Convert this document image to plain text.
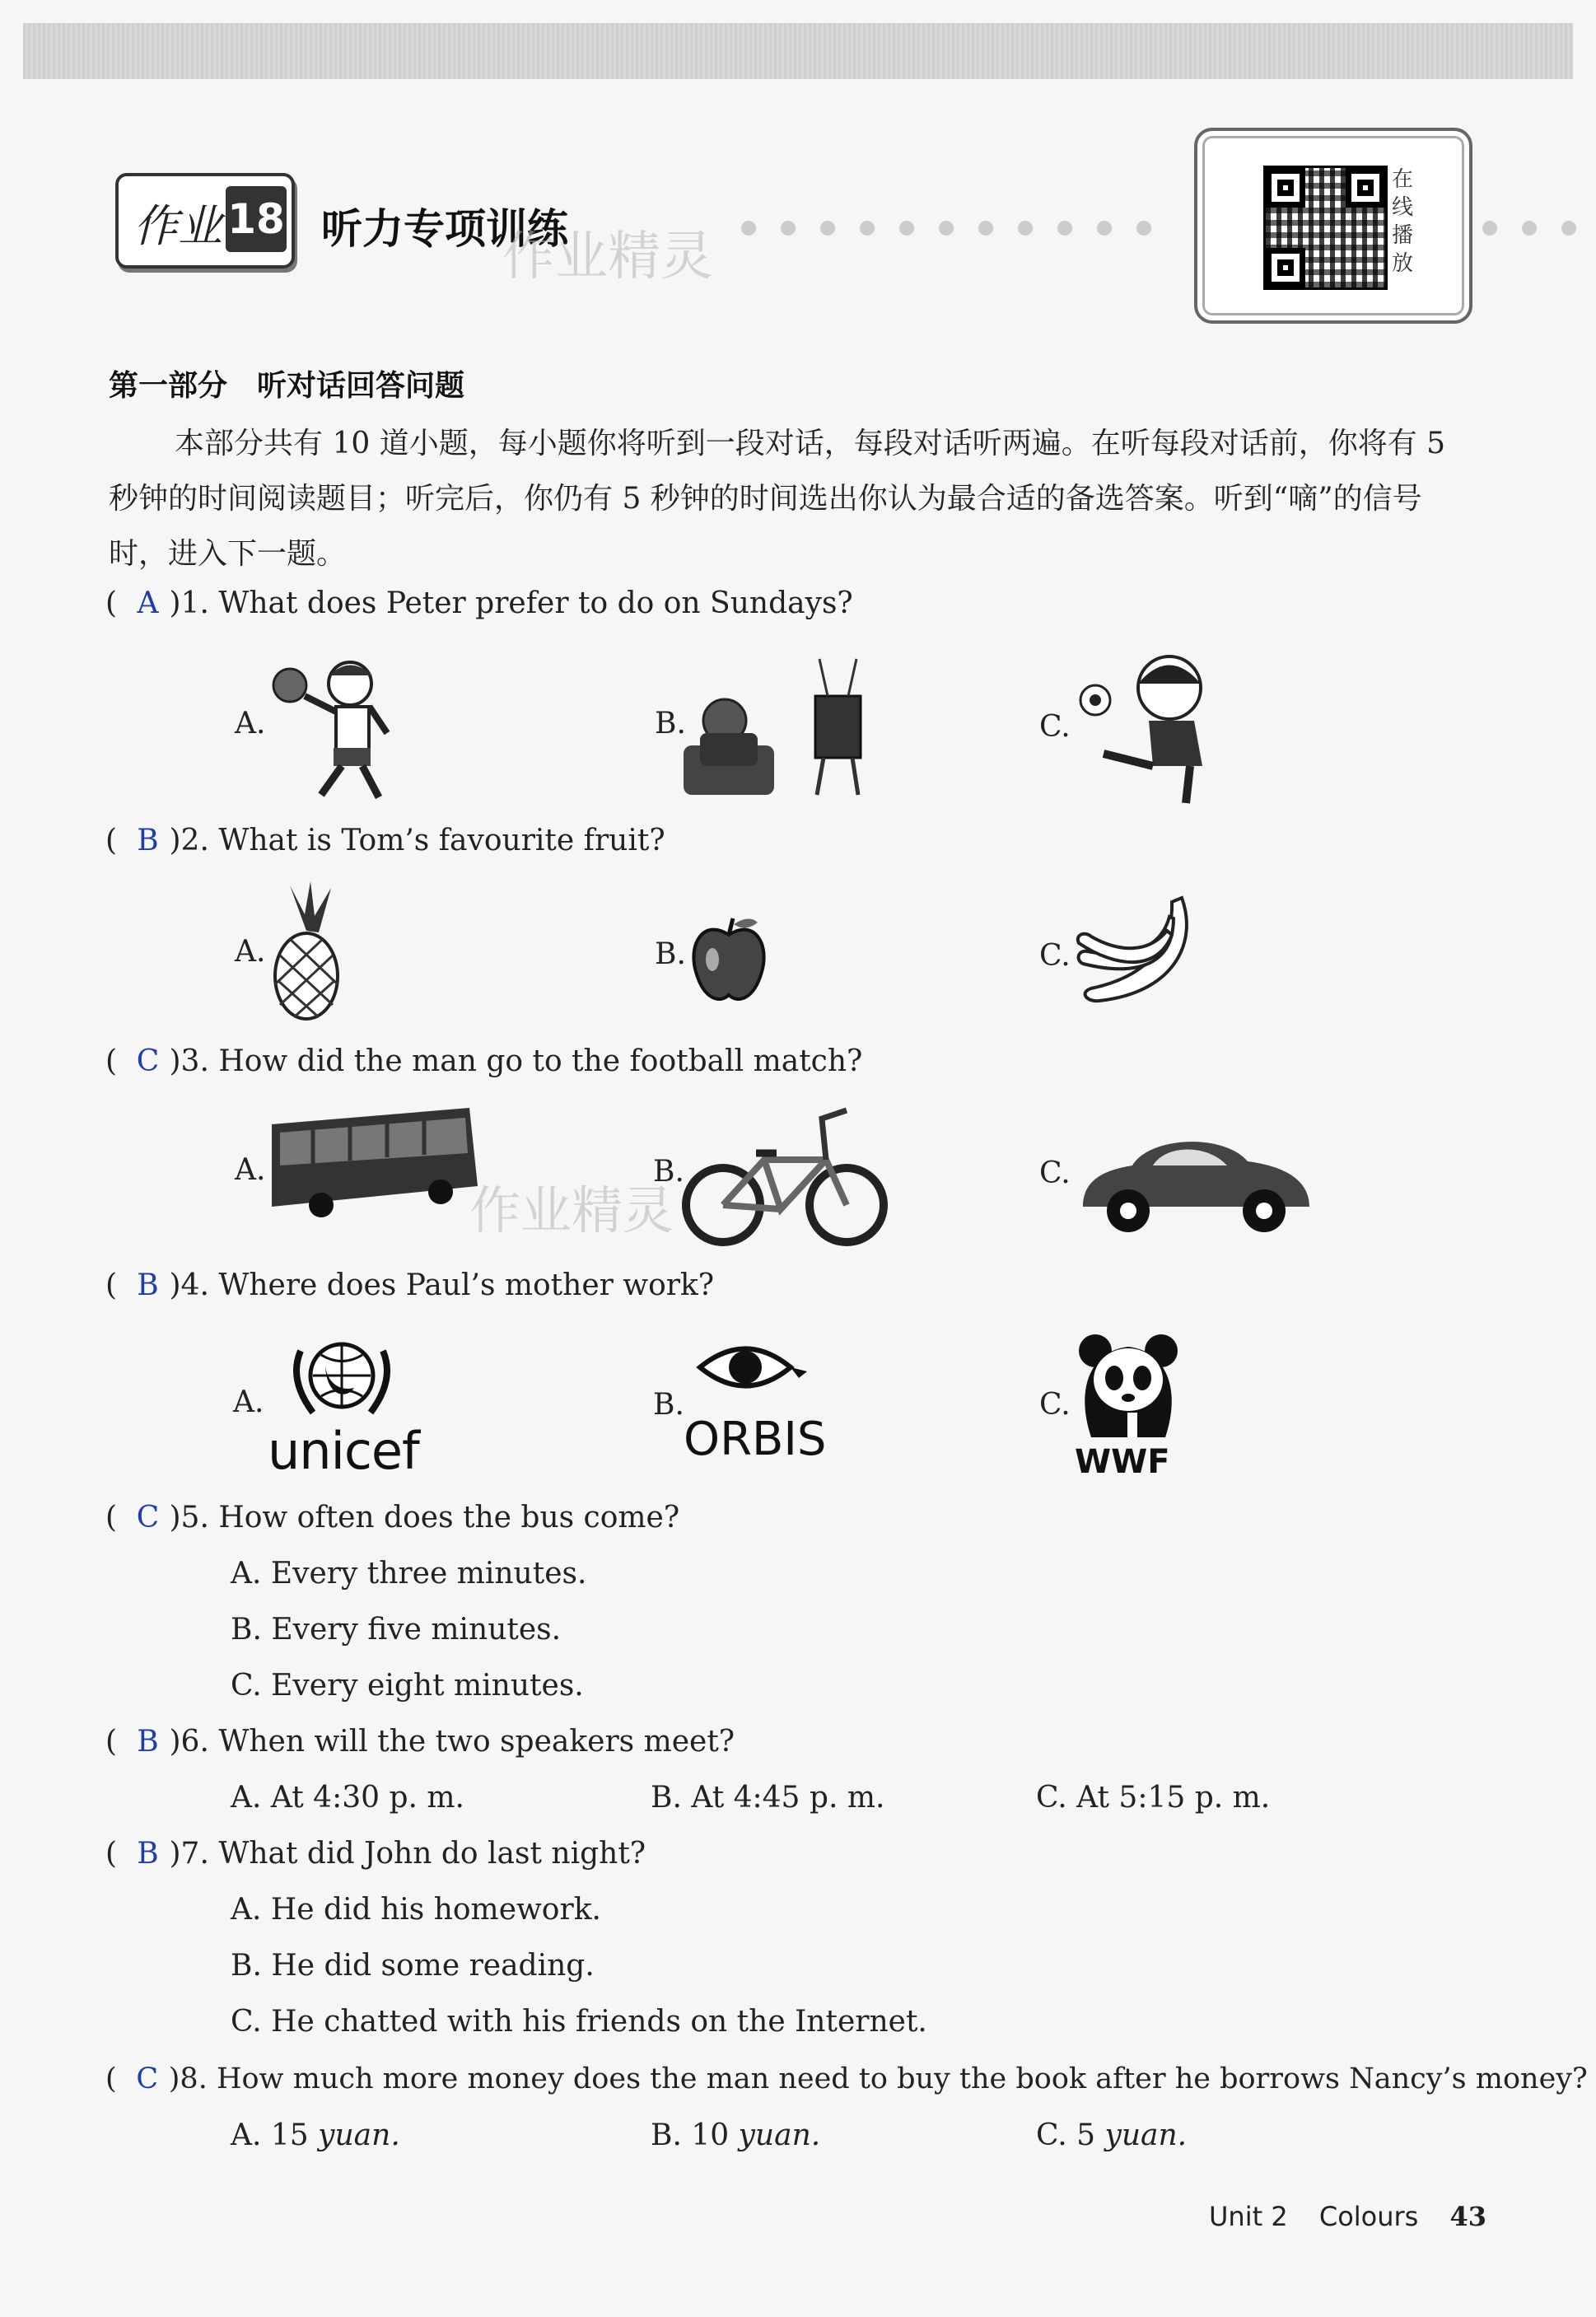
作业 18 听力专项训练
作业精灵
在
线
播
放
第一部分　听对话回答问题
本部分共有 10 道小题，每小题你将听到一段对话，每段对话听两遍。在听每段对话前，你将有 5 秒钟的时间阅读题目；听完后，你仍有 5 秒钟的时间选出你认为最合适的备选答案。听到“嘀”的信号时，进入下一题。
( A )1. What does Peter prefer to do on Sundays?
A.	B.	C.
( B )2. What is Tom’s favourite fruit?
A.	B.	C.
( C )3. How did the man go to the football match?
A.	B.	C.
作业精灵
( B )4. Where does Paul’s mother work?
A.	B.	C.
unicef	ORBIS	WWF
( C )5. How often does the bus come?
A. Every three minutes.
B. Every five minutes.
C. Every eight minutes.
( B )6. When will the two speakers meet?
A. At 4:30 p. m.	B. At 4:45 p. m.	C. At 5:15 p. m.
( B )7. What did John do last night?
A. He did his homework.
B. He did some reading.
C. He chatted with his friends on the Internet.
( C )8. How much more money does the man need to buy the book after he borrows Nancy’s money?
A. 15 yuan.	B. 10 yuan.	C. 5 yuan.
Unit 2 Colours 43
